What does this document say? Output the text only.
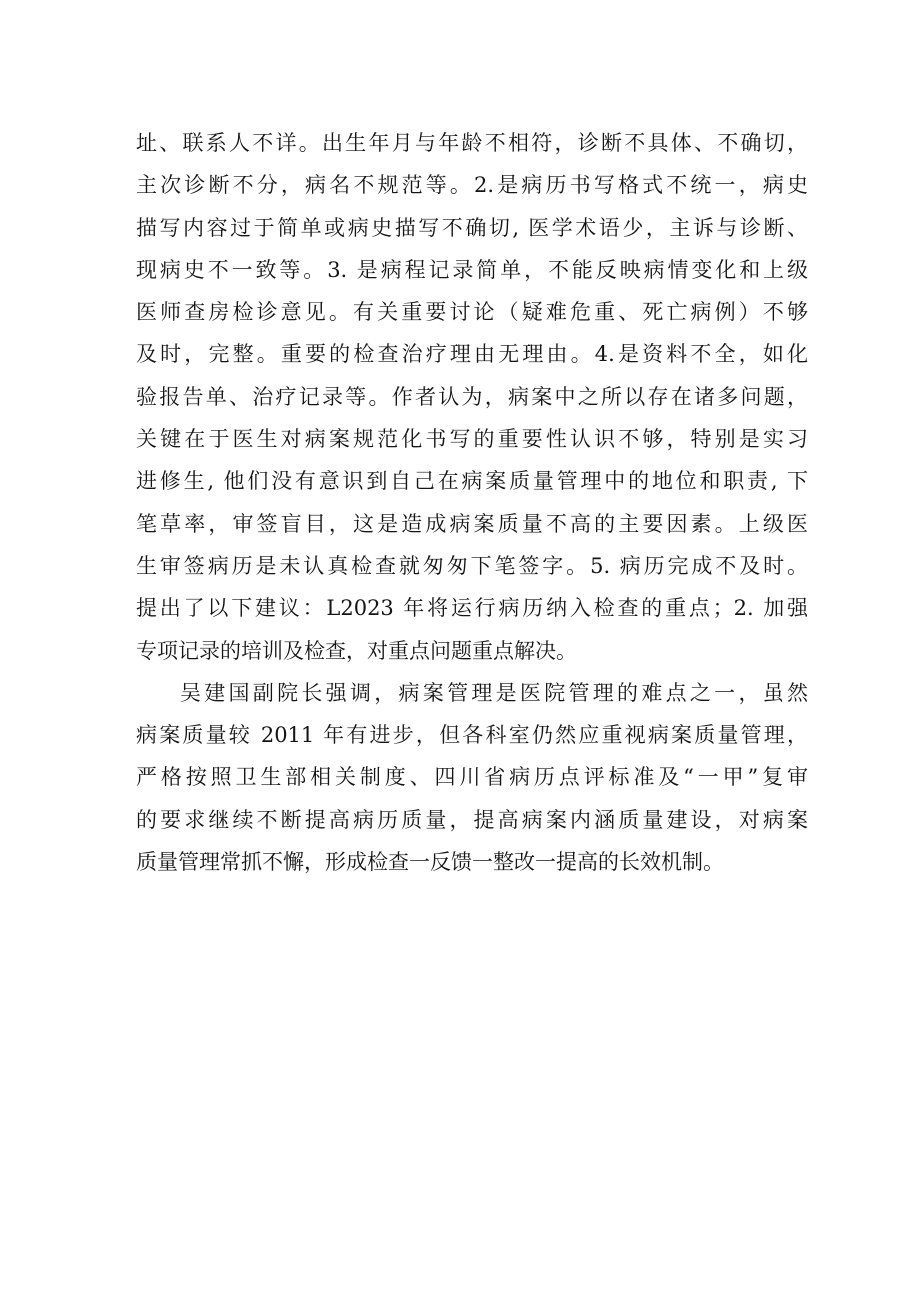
址、联系人不详。出生年月与年龄不相符，诊断不具体、不确切，
主次诊断不分，病名不规范等。2.是病历书写格式不统一，病史
描写内容过于简单或病史描写不确切, 医学术语少，主诉与诊断、
现病史不一致等。3. 是病程记录简单，不能反映病情变化和上级
医师查房检诊意见。有关重要讨论（疑难危重、死亡病例）不够
及时，完整。重要的检查治疗理由无理由。4.是资料不全，如化
验报告单、治疗记录等。作者认为，病案中之所以存在诸多问题，
关键在于医生对病案规范化书写的重要性认识不够，特别是实习
进修生, 他们没有意识到自己在病案质量管理中的地位和职责, 下
笔草率，审签盲目，这是造成病案质量不高的主要因素。上级医
生审签病历是未认真检查就匆匆下笔签字。5. 病历完成不及时。
提出了以下建议：L2023 年将运行病历纳入检查的重点；2. 加强
专项记录的培训及检查，对重点问题重点解决。
吴建国副院长强调，病案管理是医院管理的难点之一，虽然
病案质量较 2011 年有进步，但各科室仍然应重视病案质量管理，
严格按照卫生部相关制度、四川省病历点评标准及“一甲”复审
的要求继续不断提高病历质量，提高病案内涵质量建设，对病案
质量管理常抓不懈，形成检查一反馈一整改一提高的长效机制。
